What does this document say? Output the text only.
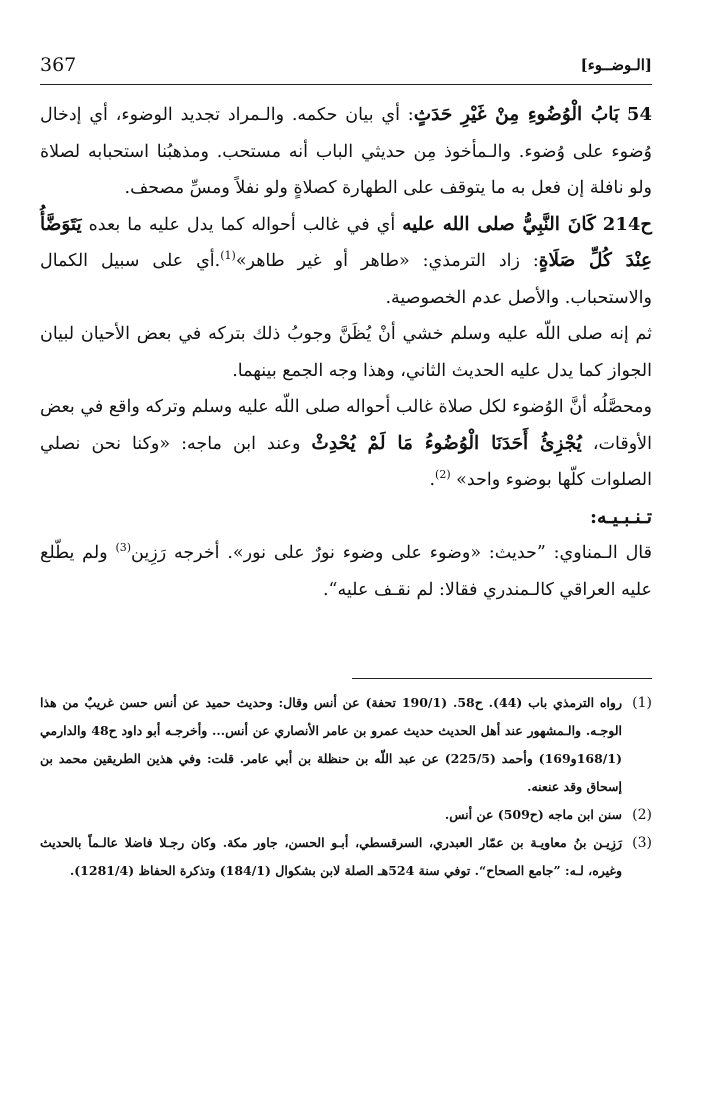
367	[الـوضــوء]

54 بَابُ الْوُضُوءِ مِنْ غَيْرِ حَدَثٍ: أي بيان حكمه. والـمراد تجديد الوضوء، أي إدخال وُضوء على وُضوء. والـمأخوذ مِن حديثي الباب أنه مستحب. ومذهبُنا استحبابه لصلاة ولو نافلة إن فعل به ما يتوقف على الطهارة كصلاةٍ ولو نفلاً ومسِّ مصحف.

ح214 كَانَ النَّبِيُّ صلى الله عليه أي في غالب أحواله كما يدل عليه ما بعده يَتَوَضَّأُ عِنْدَ كُلِّ صَلَاةٍ: زاد الترمذي: «طاهر أو غير طاهر»$^{(1)}$.أي على سبيل الكمال والاستحباب. والأصل عدم الخصوصية.

ثم إنه صلى اللّه عليه وسلم خشي أنْ يُظَنَّ وجوبُ ذلك بتركه في بعض الأحيان لبيان الجواز كما يدل عليه الحديث الثاني، وهذا وجه الجمع بينهما.

ومحصَّلُه أنَّ الوُضوء لكل صلاة غالب أحواله صلى اللّه عليه وسلم وتركه واقع في بعض الأوقات، يُجْزِئُ أَحَدَنَا الْوُضُوءُ مَا لَمْ يُحْدِثْ وعند ابن ماجه: «وكنا نحن نصلي الصلوات كلّها بوضوء واحد» $^{(2)}$.

تـنـبـيـه:

قال الـمناوي: ”حديث: «وضوء على وضوء نورٌ على نور». أخرجه رَزِين$^{(3)}$ ولم يطّلع عليه العراقي كالـمندري فقالا: لم نقـف عليه“.

(1)
رواه الترمذي باب (44). ح58. (190/1 تحفة) عن أنس وقال: وحديث حميد عن أنس حسن غريبٌ من هذا الوجـه. والـمشهور عند أهل الحديث حديث عمرو بن عامر الأنصاري عن أنس... وأخرجـه أبو داود ح48 والدارمي (168/1و169) وأحمد (225/5) عن عبد اللّه بن حنظلة بن أبي عامر. قلت: وفي هذين الطريقين محمد بن إسحاق وقد عنعنه.

(2)
سنن ابن ماجه (ح509) عن أنس.

(3)
رَزِيـن بنُ معاويـة بن عمّار العبدري، السرقسطي، أبـو الحسن، جاور مكة. وكان رجـلا فاضلا عالـماً بالحديث وغيره، لـه: ”جامع الصحاح“. توفي سنة 524هـ الصلة لابن بشكوال (184/1) وتذكرة الحفاظ (1281/4).
